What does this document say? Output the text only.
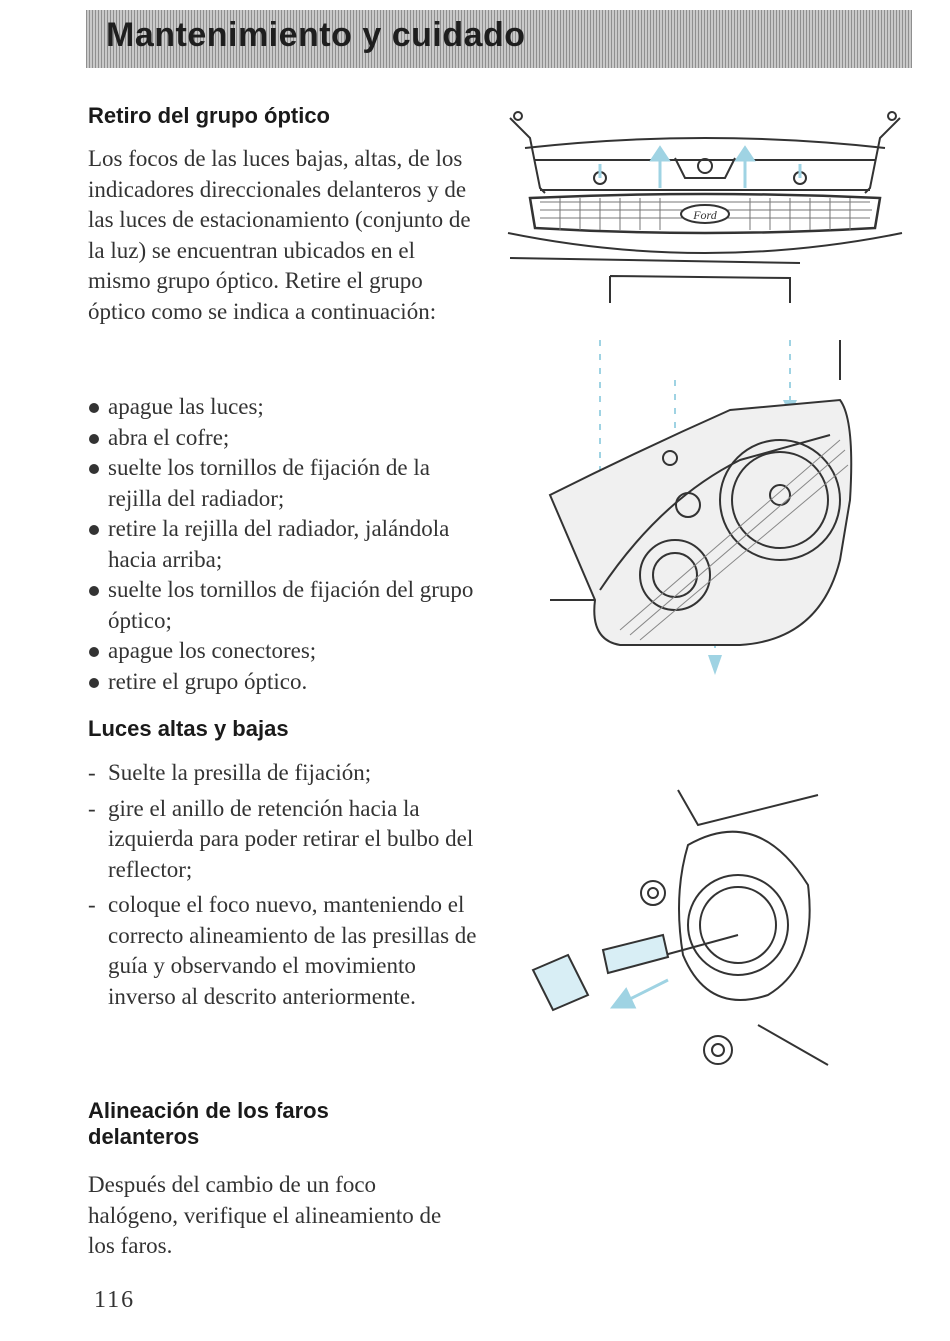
Mantenimiento y cuidado
Retiro del grupo óptico

Los focos de las luces bajas, altas, de los indicadores direccionales delanteros y de las luces de estacionamiento (conjunto de la luz) se encuentran ubicados en el mismo grupo óptico. Retire el grupo óptico como se indica a continuación:

apague las luces;
abra el cofre;
suelte los tornillos de fijación de la rejilla del radiador;
retire la rejilla del radiador, jalándola hacia arriba;
suelte los tornillos de fijación del grupo óptico;
apague los conectores;
retire el grupo óptico.
Luces altas y bajas
- Suelte la presilla de fijación;
- gire el anillo de retención hacia la izquierda para poder retirar el bulbo del reflector;
- coloque el foco nuevo, manteniendo el correcto alineamiento de las presillas de guía y observando el movimiento inverso al descrito anteriormente.
Alineación de los faros delanteros

Después del cambio de un foco halógeno, verifique el alineamiento de los faros.

116
Ford
